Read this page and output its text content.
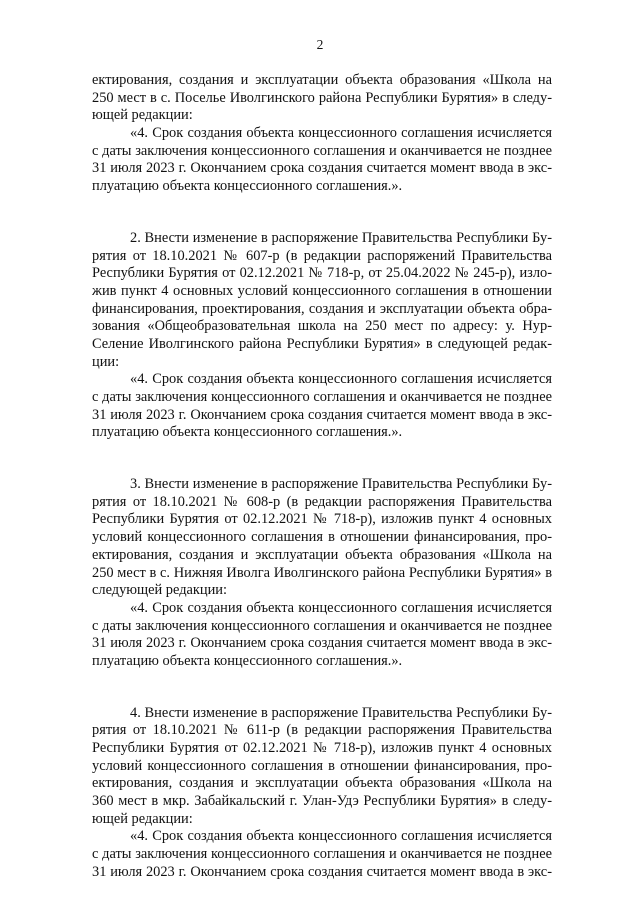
2
ектирования, создания и эксплуатации объекта образования «Школа на
250 мест в с. Поселье Иволгинского района Республики Бурятия» в следу-
ющей редакции:
«4. Срок создания объекта концессионного соглашения исчисляется
с даты заключения концессионного соглашения и оканчивается не позднее
31 июля 2023 г. Окончанием срока создания считается момент ввода в экс-
плуатацию объекта концессионного соглашения.».
2. Внести изменение в распоряжение Правительства Республики Бу-
рятия от 18.10.2021 № 607-р (в редакции распоряжений Правительства
Республики Бурятия от 02.12.2021 № 718-р, от 25.04.2022 № 245-р), изло-
жив пункт 4 основных условий концессионного соглашения в отношении
финансирования, проектирования, создания и эксплуатации объекта обра-
зования «Общеобразовательная школа на 250 мест по адресу: у. Нур-
Селение Иволгинского района Республики Бурятия» в следующей редак-
ции:
«4. Срок создания объекта концессионного соглашения исчисляется
с даты заключения концессионного соглашения и оканчивается не позднее
31 июля 2023 г. Окончанием срока создания считается момент ввода в экс-
плуатацию объекта концессионного соглашения.».
3. Внести изменение в распоряжение Правительства Республики Бу-
рятия от 18.10.2021 № 608-р (в редакции распоряжения Правительства
Республики Бурятия от 02.12.2021 № 718-р), изложив пункт 4 основных
условий концессионного соглашения в отношении финансирования, про-
ектирования, создания и эксплуатации объекта образования «Школа на
250 мест в с. Нижняя Иволга Иволгинского района Республики Бурятия» в
следующей редакции:
«4. Срок создания объекта концессионного соглашения исчисляется
с даты заключения концессионного соглашения и оканчивается не позднее
31 июля 2023 г. Окончанием срока создания считается момент ввода в экс-
плуатацию объекта концессионного соглашения.».
4. Внести изменение в распоряжение Правительства Республики Бу-
рятия от 18.10.2021 № 611-р (в редакции распоряжения Правительства
Республики Бурятия от 02.12.2021 № 718-р), изложив пункт 4 основных
условий концессионного соглашения в отношении финансирования, про-
ектирования, создания и эксплуатации объекта образования «Школа на
360 мест в мкр. Забайкальский г. Улан-Удэ Республики Бурятия» в следу-
ющей редакции:
«4. Срок создания объекта концессионного соглашения исчисляется
с даты заключения концессионного соглашения и оканчивается не позднее
31 июля 2023 г. Окончанием срока создания считается момент ввода в экс-
